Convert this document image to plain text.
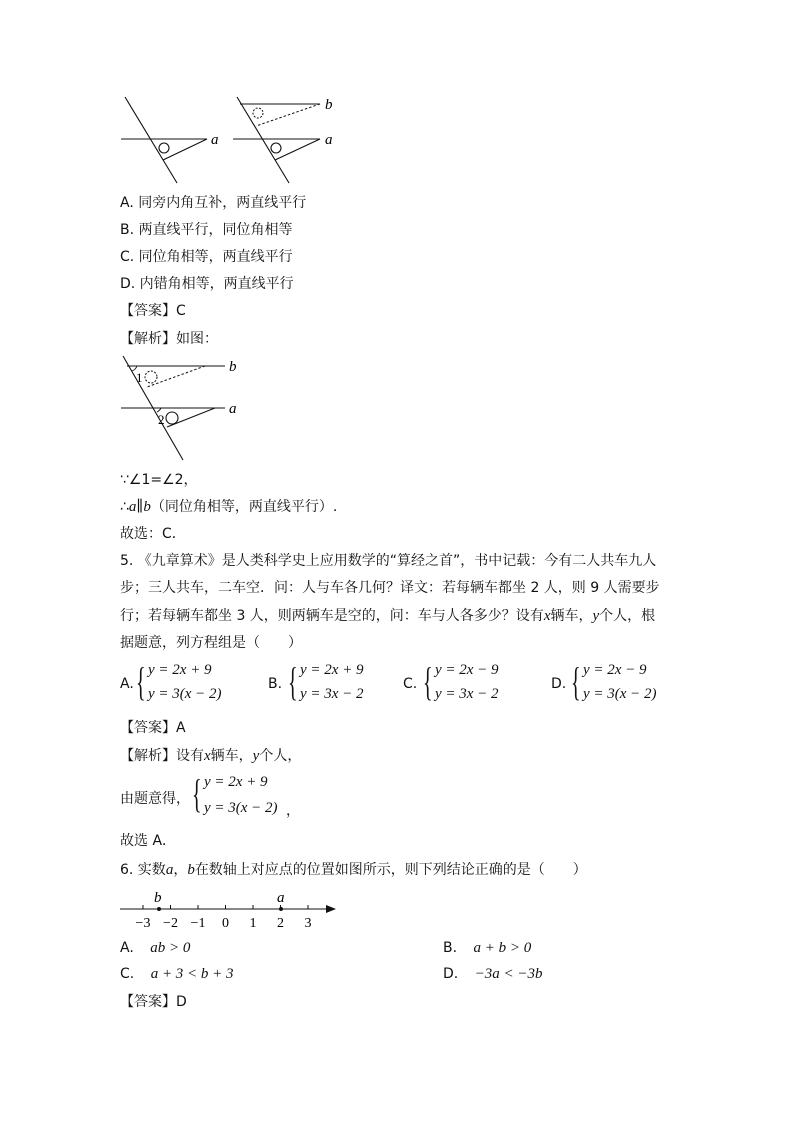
a
b
a
A. 同旁内角互补，两直线平行
B. 两直线平行，同位角相等
C. 同位角相等，两直线平行
D. 内错角相等，两直线平行
【答案】C
【解析】如图：
1
b
2
a
∵∠1=∠2，
∴a∥b（同位角相等，两直线平行）.
故选：C．
5. 《九章算术》是人类科学史上应用数学的“算经之首”，书中记载：今有二人共车九人
步；三人共车，二车空．问：人与车各几何？译文：若每辆车都坐 2 人，则 9 人需要步
行；若每辆车都坐 3 人，则两辆车是空的，问：车与人各多少？设有x辆车，y个人，根
据题意，列方程组是（　　）
A. { y = 2x + 9
y = 3(x − 2)
B. { y = 2x + 9
y = 3x − 2
C. { y = 2x − 9
y = 3x − 2
D. { y = 2x − 9
y = 3(x − 2)
【答案】A
【解析】设有x辆车，y个人，
由题意得， { y = 2x + 9
y = 3(x − 2) ，
故选 A．
6. 实数a，b在数轴上对应点的位置如图所示，则下列结论正确的是（　　）
−3 −2 −1 0 1 2 3
b	a
A. ab > 0	B. a + b > 0
C. a + 3 < b + 3	D. −3a < −3b
【答案】D
